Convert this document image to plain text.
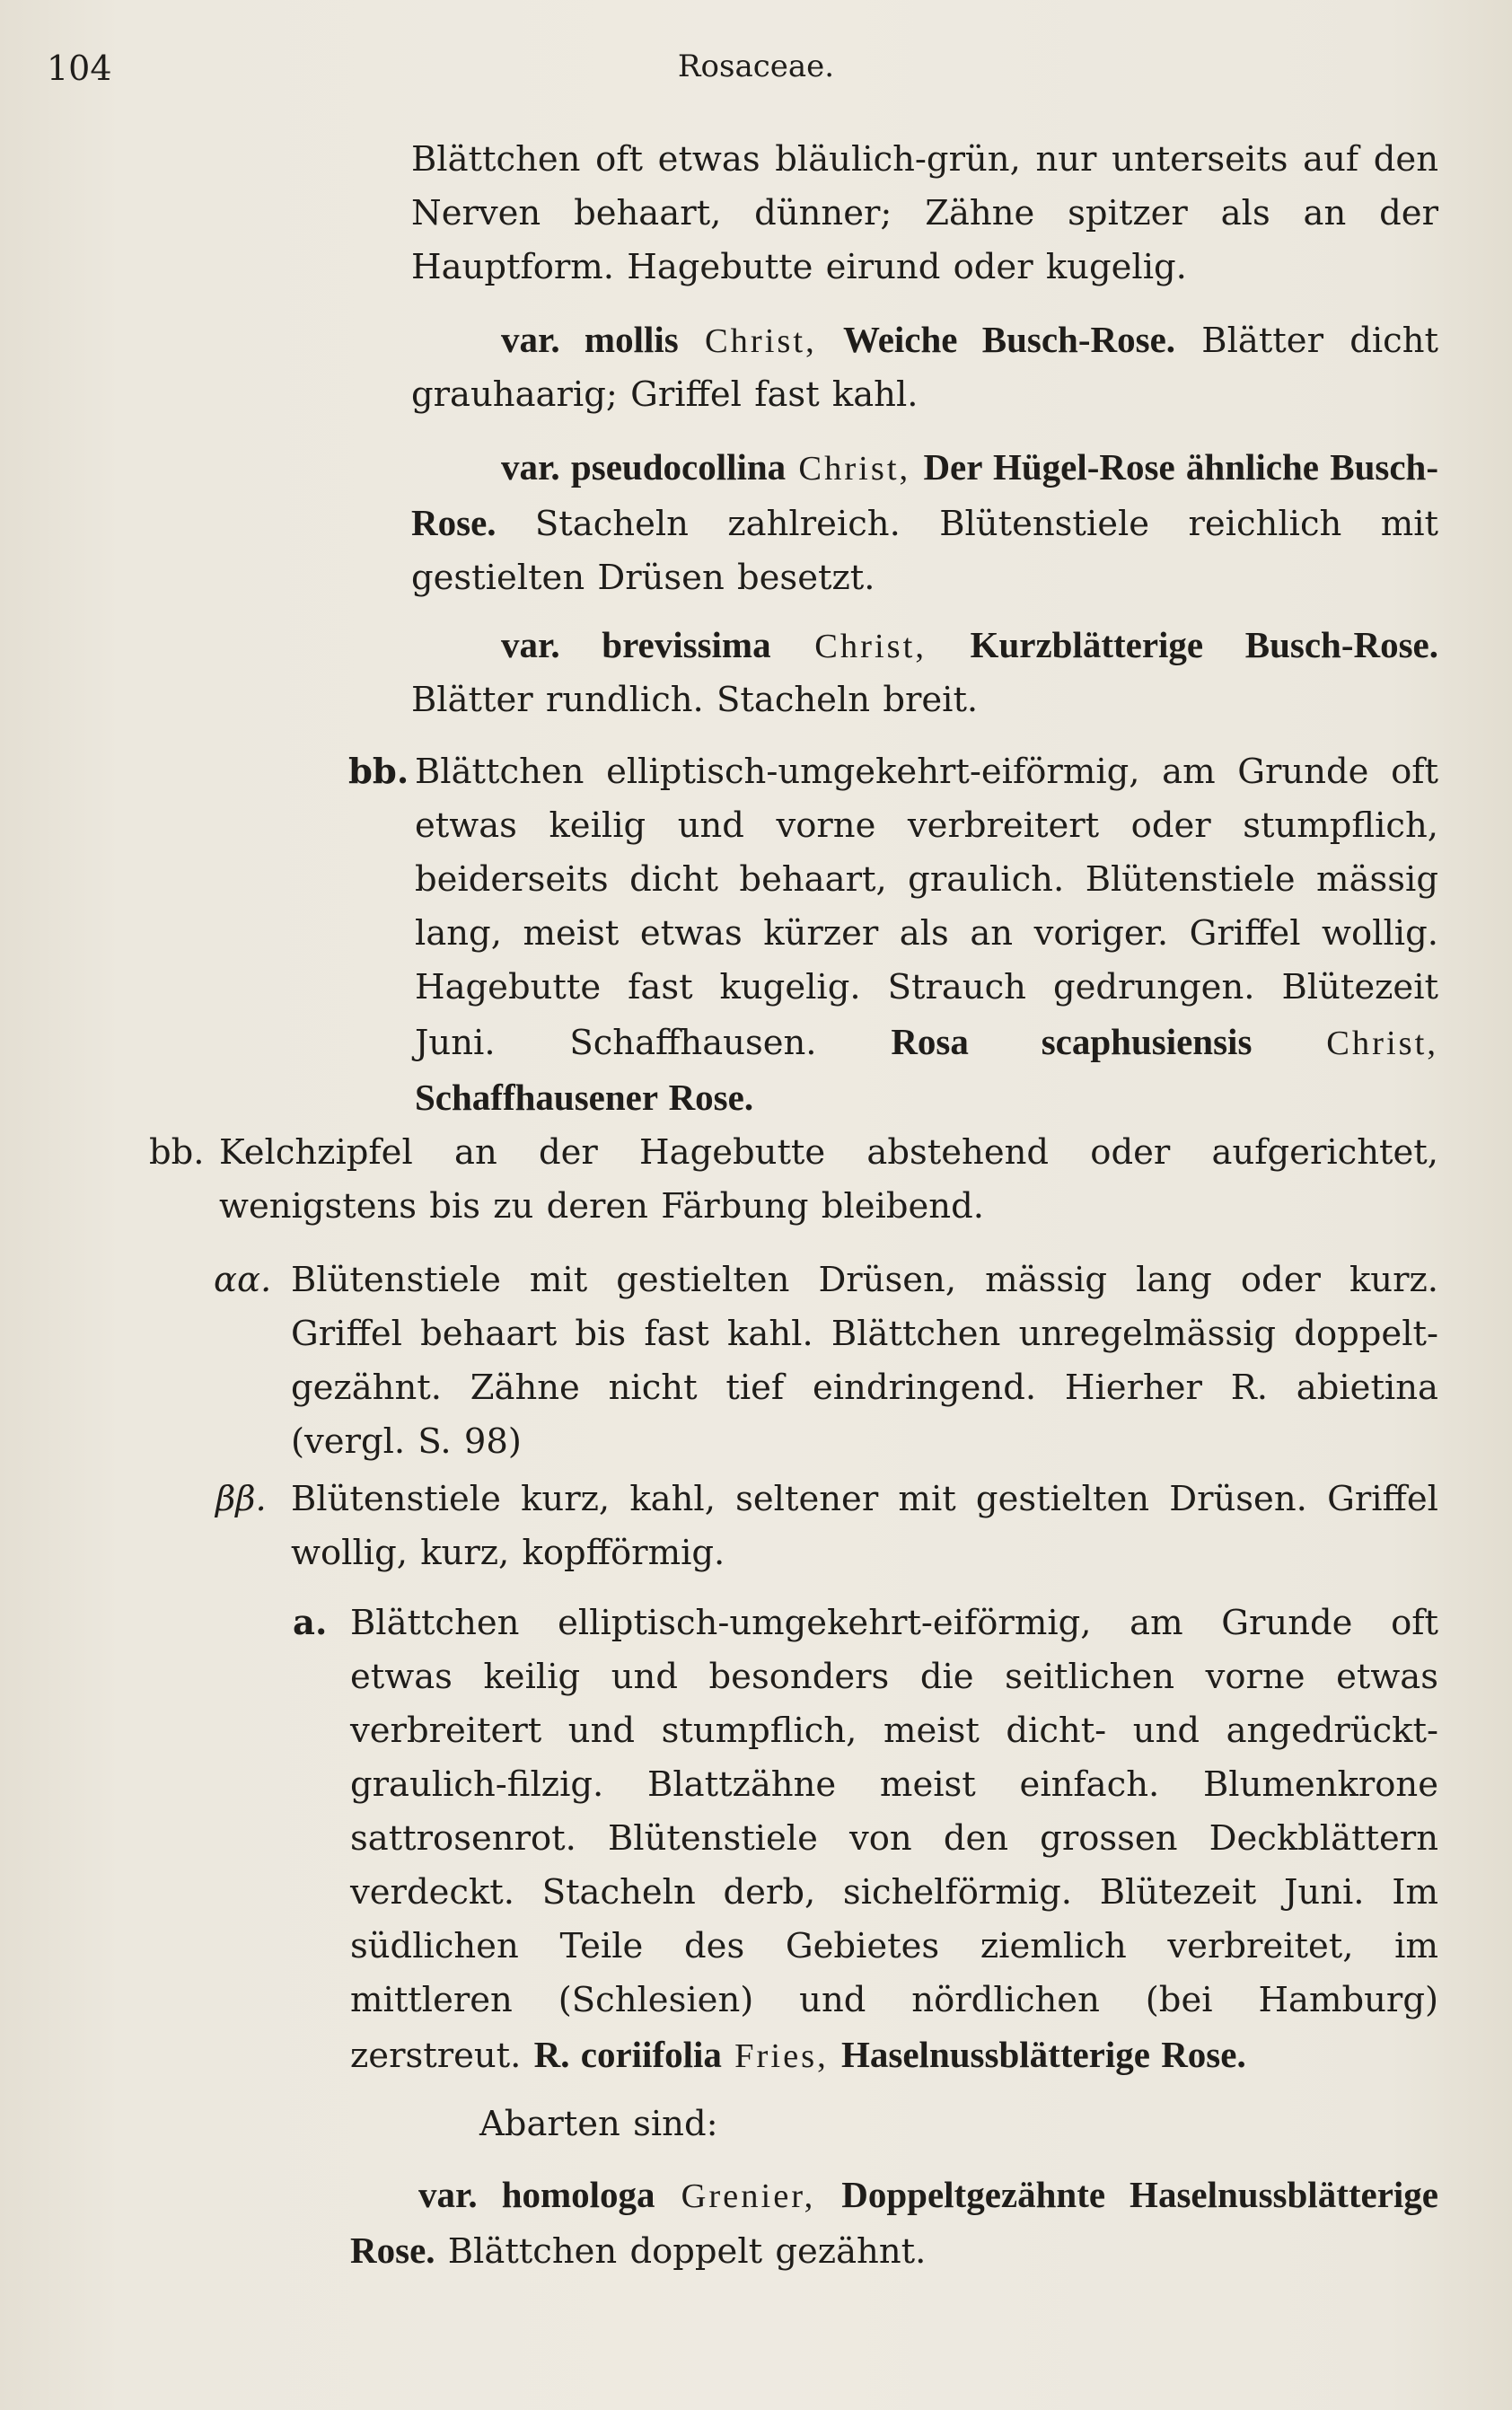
104	Rosaceae.

Blättchen oft etwas bläulich-grün, nur unterseits auf den Nerven behaart, dünner; Zähne spitzer als an der Hauptform. Hagebutte eirund oder kugelig.

var. mollis Christ, Weiche Busch-Rose. Blätter dicht grauhaarig; Griffel fast kahl.

var. pseudocollina Christ, Der Hügel-Rose ähnliche Busch-Rose. Stacheln zahlreich. Blütenstiele reichlich mit gestielten Drüsen besetzt.

var. brevissima Christ, Kurzblätterige Busch-Rose. Blätter rundlich. Stacheln breit.

bb. Blättchen elliptisch-umgekehrt-eiförmig, am Grunde oft etwas keilig und vorne verbreitert oder stumpflich, beiderseits dicht behaart, graulich. Blütenstiele mässig lang, meist etwas kürzer als an voriger. Griffel wollig. Hagebutte fast kugelig. Strauch gedrungen. Blütezeit Juni. Schaffhausen. Rosa scaphusiensis Christ, Schaffhausener Rose.

bb. Kelchzipfel an der Hagebutte abstehend oder aufgerichtet, wenigstens bis zu deren Färbung bleibend.

αα. Blütenstiele mit gestielten Drüsen, mässig lang oder kurz. Griffel behaart bis fast kahl. Blättchen unregelmässig doppelt-gezähnt. Zähne nicht tief eindringend. Hierher R. abietina (vergl. S. 98)

ββ. Blütenstiele kurz, kahl, seltener mit gestielten Drüsen. Griffel wollig, kurz, kopfförmig.

a. Blättchen elliptisch-umgekehrt-eiförmig, am Grunde oft etwas keilig und besonders die seitlichen vorne etwas verbreitert und stumpflich, meist dicht- und angedrückt-graulich-filzig. Blattzähne meist einfach. Blumenkrone sattrosenrot. Blütenstiele von den grossen Deckblättern verdeckt. Stacheln derb, sichelförmig. Blütezeit Juni. Im südlichen Teile des Gebietes ziemlich verbreitet, im mittleren (Schlesien) und nördlichen (bei Hamburg) zerstreut. R. coriifolia Fries, Haselnussblätterige Rose.

Abarten sind:

var. homologa Grenier, Doppeltgezähnte Haselnussblätterige Rose. Blättchen doppelt gezähnt.
